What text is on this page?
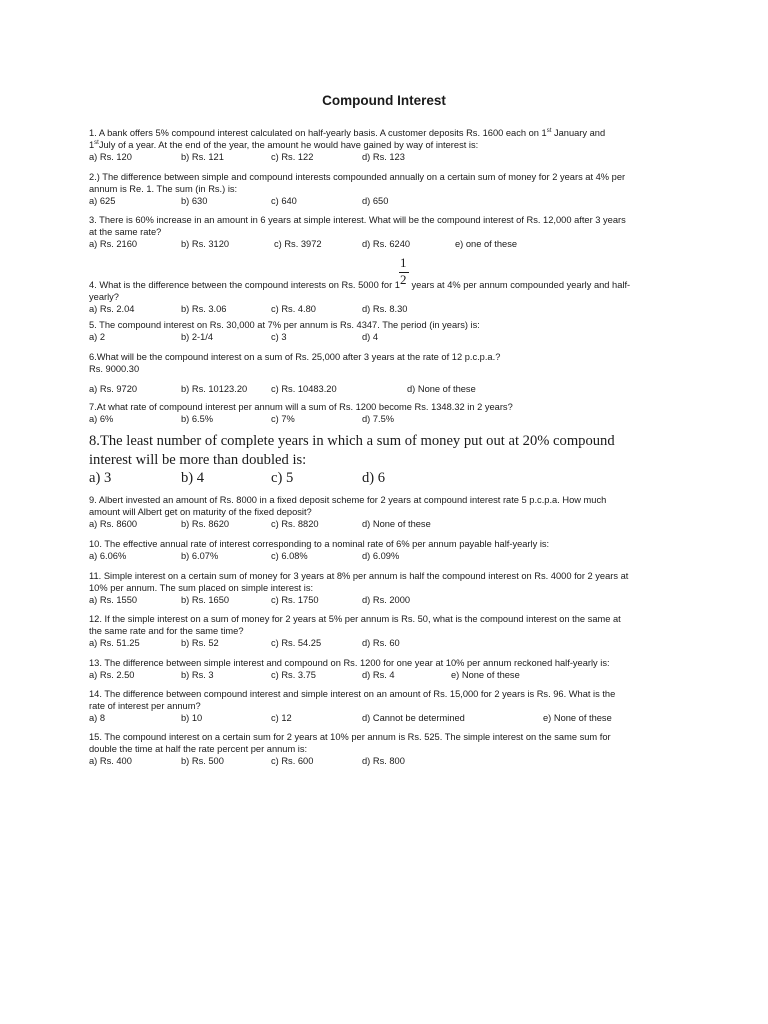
Compound Interest
1. A bank offers 5% compound interest calculated on half-yearly basis. A customer deposits Rs. 1600 each on 1st January and
1stJuly of a year. At the end of the year, the amount he would have gained by way of interest is:
a) Rs. 120	b) Rs. 121	c) Rs. 122	d) Rs. 123
2.) The difference between simple and compound interests compounded annually on a certain sum of money for 2 years at 4% per
annum is Re. 1. The sum (in Rs.) is:
a) 625	b) 630	c) 640	d) 650
3. There is 60% increase in an amount in 6 years at simple interest. What will be the compound interest of Rs. 12,000 after 3 years
at the same rate?
a) Rs. 2160	b) Rs. 3120	c) Rs. 3972	d) Rs. 6240	e) one of these
4. What is the difference between the compound interests on Rs. 5000 for $1 \frac{1}{2}$ years at 4% per annum compounded yearly and half-
yearly?
a) Rs. 2.04	b) Rs. 3.06	c) Rs. 4.80	d) Rs. 8.30
5. The compound interest on Rs. 30,000 at 7% per annum is Rs. 4347. The period (in years) is:
a) 2	b) 2-1/4	c) 3	d) 4
6.What will be the compound interest on a sum of Rs. 25,000 after 3 years at the rate of 12 p.c.p.a.?
Rs. 9000.30
a) Rs. 9720	b) Rs. 10123.20	c) Rs. 10483.20	d) None of these
7.At what rate of compound interest per annum will a sum of Rs. 1200 become Rs. 1348.32 in 2 years?
a) 6%	b) 6.5%	c) 7%	d) 7.5%
8.The least number of complete years in which a sum of money put out at 20% compound
interest will be more than doubled is:
a) 3	b) 4	c) 5	d) 6
9. Albert invested an amount of Rs. 8000 in a fixed deposit scheme for 2 years at compound interest rate 5 p.c.p.a. How much
amount will Albert get on maturity of the fixed deposit?
a) Rs. 8600	b) Rs. 8620	c) Rs. 8820	d) None of these
10. The effective annual rate of interest corresponding to a nominal rate of 6% per annum payable half-yearly is:
a) 6.06%	b) 6.07%	c) 6.08%	d) 6.09%
11. Simple interest on a certain sum of money for 3 years at 8% per annum is half the compound interest on Rs. 4000 for 2 years at
10% per annum. The sum placed on simple interest is:
a) Rs. 1550	b) Rs. 1650	c) Rs. 1750	d) Rs. 2000
12. If the simple interest on a sum of money for 2 years at 5% per annum is Rs. 50, what is the compound interest on the same at
the same rate and for the same time?
a) Rs. 51.25	b) Rs. 52	c) Rs. 54.25	d) Rs. 60
13. The difference between simple interest and compound on Rs. 1200 for one year at 10% per annum reckoned half-yearly is:
a) Rs. 2.50	b) Rs. 3	c) Rs. 3.75	d) Rs. 4	e) None of these
14. The difference between compound interest and simple interest on an amount of Rs. 15,000 for 2 years is Rs. 96. What is the
rate of interest per annum?
a) 8	b) 10	c) 12	d) Cannot be determined	e) None of these
15. The compound interest on a certain sum for 2 years at 10% per annum is Rs. 525. The simple interest on the same sum for
double the time at half the rate percent per annum is:
a) Rs. 400	b) Rs. 500	c) Rs. 600	d) Rs. 800
